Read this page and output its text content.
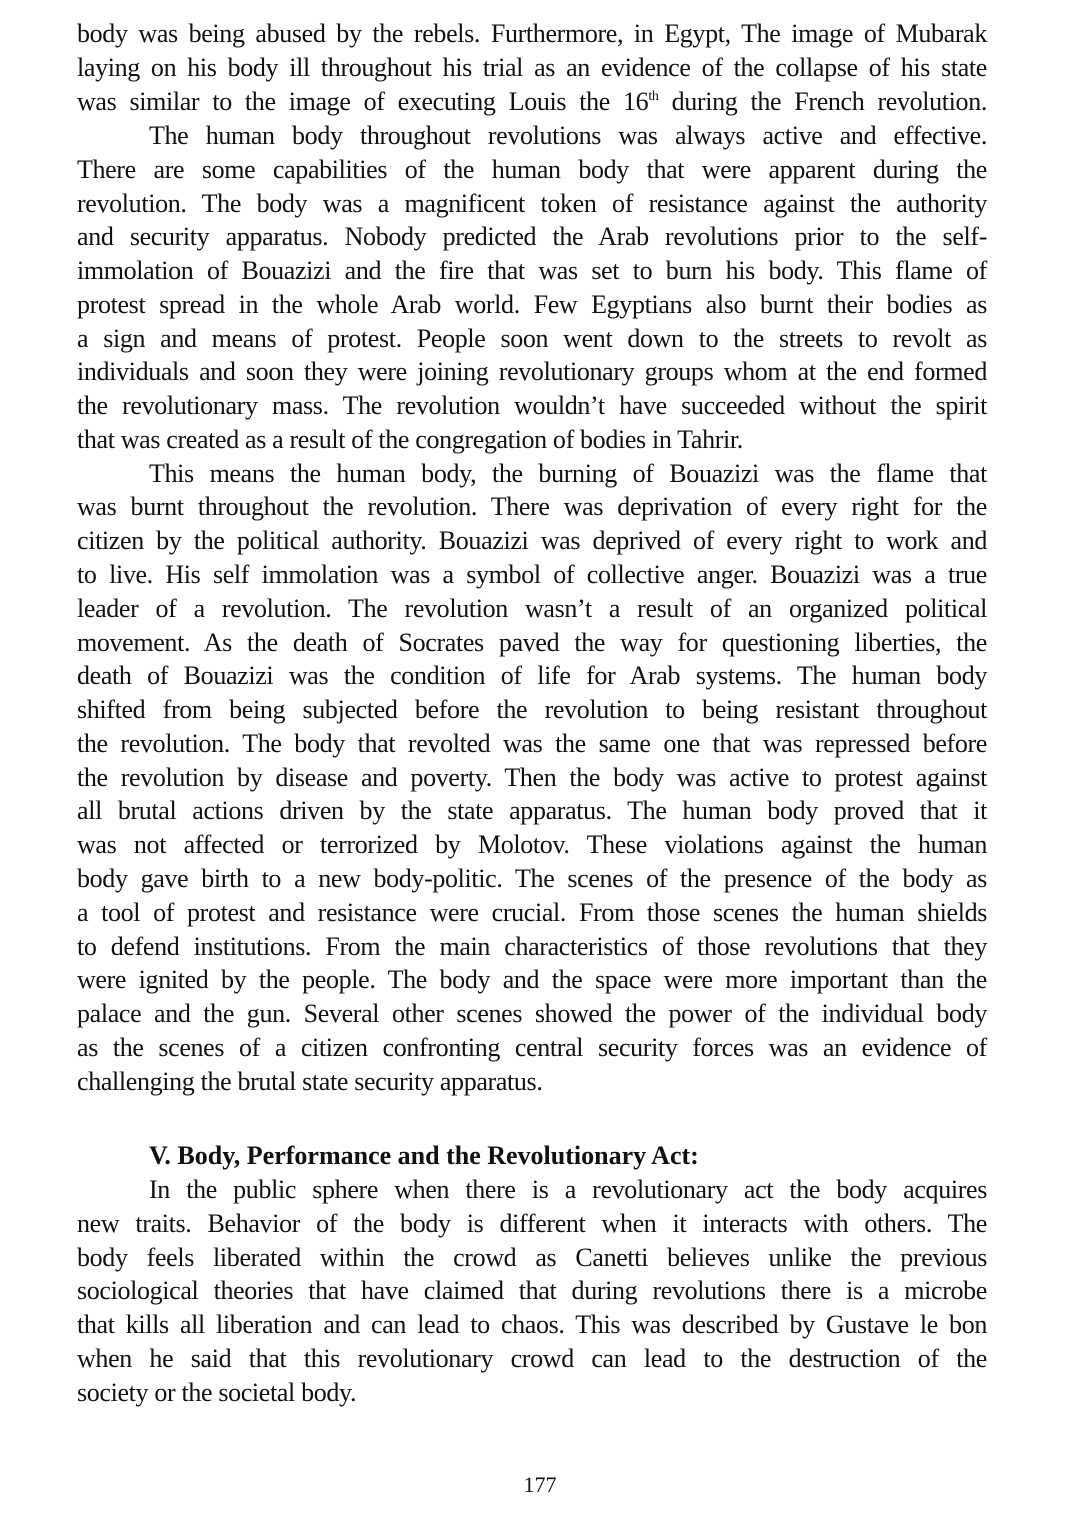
body was being abused by the rebels. Furthermore, in Egypt, The image of Mubarak
laying on his body ill throughout his trial as an evidence of the collapse of his state
was similar to the image of executing Louis the 16th during the French revolution.
The human body throughout revolutions was always active and effective.
There are some capabilities of the human body that were apparent during the
revolution. The body was a magnificent token of resistance against the authority
and security apparatus. Nobody predicted the Arab revolutions prior to the self-
immolation of Bouazizi and the fire that was set to burn his body. This flame of
protest spread in the whole Arab world. Few Egyptians also burnt their bodies as
a sign and means of protest. People soon went down to the streets to revolt as
individuals and soon they were joining revolutionary groups whom at the end formed
the revolutionary mass. The revolution wouldn’t have succeeded without the spirit
that was created as a result of the congregation of bodies in Tahrir.
This means the human body, the burning of Bouazizi was the flame that
was burnt throughout the revolution. There was deprivation of every right for the
citizen by the political authority. Bouazizi was deprived of every right to work and
to live. His self immolation was a symbol of collective anger. Bouazizi was a true
leader of a revolution. The revolution wasn’t a result of an organized political
movement. As the death of Socrates paved the way for questioning liberties, the
death of Bouazizi was the condition of life for Arab systems. The human body
shifted from being subjected before the revolution to being resistant throughout
the revolution. The body that revolted was the same one that was repressed before
the revolution by disease and poverty. Then the body was active to protest against
all brutal actions driven by the state apparatus. The human body proved that it
was not affected or terrorized by Molotov. These violations against the human
body gave birth to a new body-politic. The scenes of the presence of the body as
a tool of protest and resistance were crucial. From those scenes the human shields
to defend institutions. From the main characteristics of those revolutions that they
were ignited by the people. The body and the space were more important than the
palace and the gun. Several other scenes showed the power of the individual body
as the scenes of a citizen confronting central security forces was an evidence of
challenging the brutal state security apparatus.
V. Body, Performance and the Revolutionary Act:
In the public sphere when there is a revolutionary act the body acquires
new traits. Behavior of the body is different when it interacts with others. The
body feels liberated within the crowd as Canetti believes unlike the previous
sociological theories that have claimed that during revolutions there is a microbe
that kills all liberation and can lead to chaos. This was described by Gustave le bon
when he said that this revolutionary crowd can lead to the destruction of the
society or the societal body.
177
